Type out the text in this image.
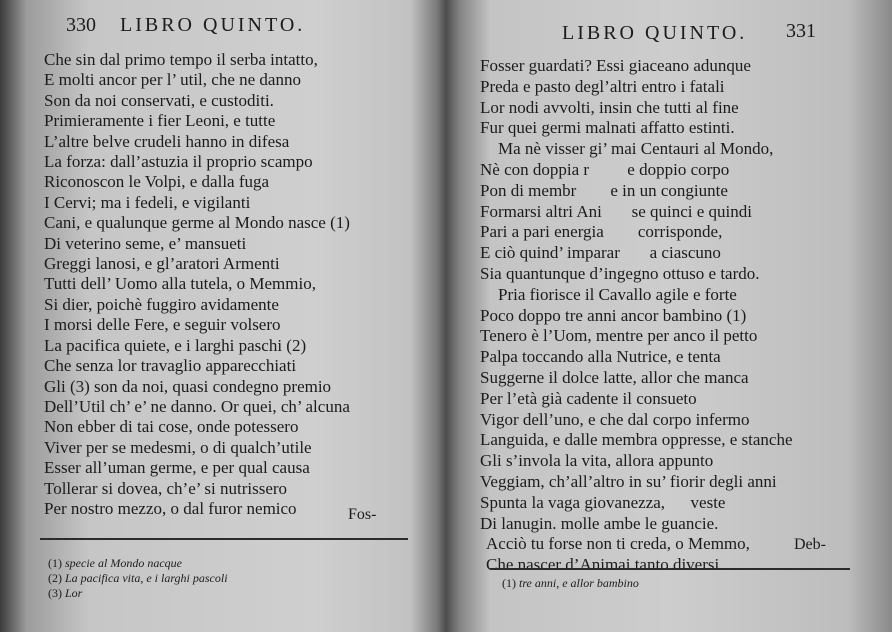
330 LIBRO QUINTO.
Che sin dal primo tempo il serba intatto,
E molti ancor per l’ util, che ne danno
Son da noi conservati, e custoditi.
Primieramente i fier Leoni, e tutte
L’altre belve crudeli hanno in difesa
La forza: dall’astuzia il proprio scampo
Riconoscon le Volpi, e dalla fuga
I Cervi; ma i fedeli, e vigilanti
Cani, e qualunque germe al Mondo nasce (1)
Di veterino seme, e’ mansueti
Greggi lanosi, e gl’aratori Armenti
Tutti dell’ Uomo alla tutela, o Memmio,
Si dier, poichè fuggiro avidamente
I morsi delle Fere, e seguir volsero
La pacifica quiete, e i larghi paschi (2)
Che senza lor travaglio apparecchiati
Gli (3) son da noi, quasi condegno premio
Dell’Util ch’ e’ ne danno. Or quei, ch’ alcuna
Non ebber di tai cose, onde potessero
Viver per se medesmi, o di qualch’utile
Esser all’uman germe, e per qual causa
Tollerar si dovea, ch’e’ si nutrissero
Per nostro mezzo, o dal furor nemico	Fos-
(1) specie al Mondo nacque
(2) La pacifica vita, e i larghi pascoli
(3) Lor
LIBRO QUINTO. 331
Fosser guardati? Essi giaceano adunque
Preda e pasto degl’altri entro i fatali
Lor nodi avvolti, insin che tutti al fine
Fur quei germi malnati affatto estinti.
Ma nè visser gi’ mai Centauri al Mondo,
Nè con doppia r         e doppio corpo
Pon di membr        e in un congiunte
Formarsi altri Ani       se quinci e quindi
Pari a pari energia        corrisponde,
E ciò quind’ imparar       a ciascuno
Sia quantunque d’ingegno ottuso e tardo.
Pria fiorisce il Cavallo agile e forte
Poco doppo tre anni ancor bambino (1)
Tenero è l’Uom, mentre per anco il petto
Palpa toccando alla Nutrice, e tenta
Suggerne il dolce latte, allor che manca
Per l’età già cadente il consueto
Vigor dell’uno, e che dal corpo infermo
Languida, e dalle membra oppresse, e stanche
Gli s’invola la vita, allora appunto
Veggiam, ch’all’altro in su’ fiorir degli anni
Spunta la vaga giovanezza,      veste
Di lanugin. molle ambe le guancie.
Acciò tu forse non ti creda, o Memmo,
Che nascer d’Animai tanto diversi
Deb-
(1) tre anni, e allor bambino
